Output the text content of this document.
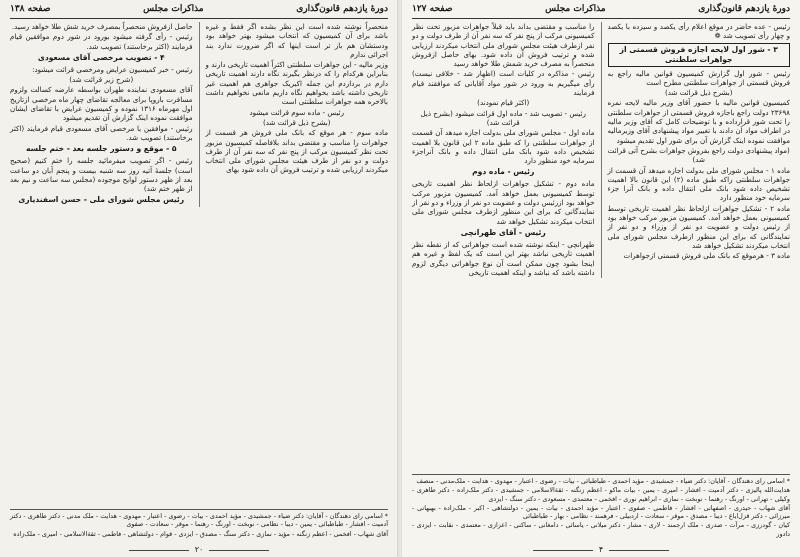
دورهٔ یازدهم قانون‌گذاری
مذاکرات مجلس
صفحه ۱۳۸

منحصراً نوشته شده است این نظر بشده اگر فقط و غیره باشد برای آن کمیسیون که انتخاب میشود بهتر خواهد بود ودستشان هم باز تر است اینها که اگر ضرورت ندارد بند اجرائی ندارم

وزیر مالیه - این جواهرات سلطنتی اکثراً اهمیت تاریخی دارند و بنابراین هرکدام را که درنظر بگیرند نگاه دارند اهمیت تاریخی دارم در برداردم این جمله اکبریک جواهری هم اهمیت غیر تاریخی داشته باشد بخواهیم نگاه داریم مانعی نخواهیم داشت بالاخره همه جواهرات سلطنتی است

رئیس - ماده سوم قرائت میشود

(بشرح ذیل قرائت شد)

ماده سوم - هر موقع که بانک ملی فروش هر قسمت از جواهرات را مناسب و مقتضی بداند بلافاصله کمیسیون مزبور تحت نظر کمیسیون مرکب از پنج نفر که سه نفر آن از طرف دولت و دو نفر از طرف هیئت مجلس شورای ملی انتخاب میکردند ارزیابی شده و ترتیب فروش آن داده شود بهای

حاصل ازفروش منحصراً بمصرف خرید شش طلا خواهد رسید.

رئیس - رأی گرفته میشود بورود در شور دوم موافقین قیام فرمایند (اکثر برخاستند) تصویب شد.

۴ - تصویب مرخصی آقای مسعودی

رئیس - خبر کمیسیون عرایض ومرخصی قرائت میشود:

(شرح زیر قرائت شد)

آقای مسعودی نماینده طهران بواسطه عارضه کسالت ولزوم مسافرت باروپا برای معالجه تقاضای چهار ماه مرخصی ازتاریخ اول مهرماه ۱۳۱۶ نموده و کمیسیون عرایض با تقاضای ایشان موافقت نموده اینک گزارش آن تقدیم میشود

رئیس - موافقین با مرخصی آقای مسعودی قیام فرمایند (اکثر برخاستند) تصویب شد.

۵ - موقع و دستور جلسه بعد - ختم جلسه

رئیس - اگر تصویب میفرمائید جلسه را ختم کنیم (صحیح است) جلسهٔ آتیه روز سه شنبه بیست و پنجم آبان دو ساعت بعد از ظهر دستور لوایح موجوده (مجلس سه ساعت و نیم بعد از ظهر ختم شد)

رئیس مجلس شورای ملی - حسن اسفندیاری

* اسامی رای دهندگان - آقایان: دکتر ضیاء - جمشیدی - مؤید احمدی - بیات - رضوی - اعتبار - مهدوی - هدایت - ملک مدنی - دکتر طاهری - دکتر آدمیت - افشار - طباطبائی - یمین - دیبا - نظامی - نوبخت - اورنگ - رهنما - موقر - سعادت - صفوی

آقای شهاب - افخمی - اعظم زنگنه - مؤید - نمازی - دکتر سنگ - مصدق - ایزدی - قوام - دولتشاهی - فاطمی - ثقة‌الاسلامی - امیری - ملک‌زاده

۲۰
دورهٔ یازدهم قانون‌گذاری
مذاکرات مجلس
صفحه ۱۲۷

رئیس - عده حاضر در موقع اعلام رأی یکصد و سیزده با یکصد و چهار رأی تصویب شد ❁

۳ - شور اول لایحه اجازه فروش قسمتی از جواهرات سلطنتی

رئیس - شور اول گزارش کمیسیون قوانین مالیه راجع به فروش قسمتی از جواهرات سلطنتی مطرح است

(بشرح ذیل قرائت شد)

کمیسیون قوانین مالیه با حضور آقای وزیر مالیه لایحه نمره ۲۳۶۹۸ دولت راجع باجازه فروش قسمتی از جواهرات سلطنتی را تحت شور قرارداده و با توضیحات کامل که آقای وزیر مالیه در اطراف مواد آن دادند با تغییر مواد پیشنهادی آقای وزیرمالیه موافقت نموده اینک گزارش آن برای شور اول تقدیم میشود

(مواد پیشنهادی دولت راجع بفروش جواهرات بشرح آتی قرائت شد)

ماده ۱ - مجلس شورای ملی بدولت اجازه میدهد آن قسمت از جواهرات سلطنتی راکه طبق ماده (۲) این قانون بالا اهمیت تشخیص داده شود بانک ملی انتقال داده و بانک آنرا جزء سرمایه خود منظور دارد

ماده ۲ - تشکیل جواهرات ازلحاظ نظر اهمیت تاریخی توسط کمیسیونی بعمل خواهد آمد. کمیسیون مزبور مرکب خواهد بود از رئیس دولت و عضویت دو نفر از وزراء و دو نفر از نمایندگانی که برای این منظور ازطرف مجلس شورای ملی انتخاب میکردند تشکیل خواهد شد

ماده ۳ - هرموقع که بانک ملی فروش قسمتی ازجواهرات

را مناسب و مقتضی بداند باید قبلاً جواهرات مزبور تحت نظر کمیسیونی مرکب از پنج نفر که سه نفر آن از طرف دولت و دو نفر ازطرف هیئت مجلس شورای ملی انتخاب میکردند ارزیابی شده و ترتیب فروش آن داده شود. بهای حاصل ازفروش منحصراً به مصرف خرید شمش طلا خواهد رسید

رئیس - مذاکره در کلیات است (اظهار شد - خلافی نیست) رأی میگیریم به ورود در شور مواد آقایانی که موافقند قیام فرمایند

(اکثر قیام نمودند)

رئیس - تصویب شد - ماده اول قرائت میشود (بشرح ذیل قرائت شد)

ماده اول - مجلس شورای ملی بدولت اجازه میدهد آن قسمت از جواهرات سلطنتی را که طبق ماده ۲ این قانون بلا اهمیت تشخیص داده شود بانک ملی انتقال داده و بانک آنراجزء سرمایه خود منظور دارد

رئیس - ماده دوم

ماده دوم - تشکیل جواهرات ازلحاظ نظر اهمیت تاریخی توسط کمیسیونی بعمل خواهد آمد. کمیسیون مزبور مرکب خواهد بود ازرئیس دولت و عضویت دو نفر از وزراء و دو نفر از نمایندگانی که برای این منظور ازطرف مجلس شورای ملی انتخاب میکردند تشکیل خواهد شد

رئیس - آقای طهرانچی

طهرانچی - اینکه نوشته شده است جواهراتی که از نقطه نظر اهمیت تاریخی نباشد بهتر این است که یک لفظ و غیره هم اینجا بشود چون ممکن است آن نوع جواهراتی دیگری لزوم داشته باشد که نباشد و اینکه اهمیت تاریخی

* اسامی رای دهندگان - آقایان: دکتر ضیاء - جمشیدی - مؤید احمدی - طباطبائی - بیات - رضوی - اعتبار - مهدوی - هدایت - ملک‌مدنی - منصف

هدایت‌الله پالیزی - دکتر آدمیت - افشار - امیری - یمین - بیات ماکو - اعظم زنگنه - ثقة‌الاسلامی - جمشیدی - دکتر ملک‌زاده - دکتر طاهری - وکیلی - تهرانی - اورنگ - رهنما - نوبخت - نمازی - ابراهیم نوری - افخمی - معتمدی - مسعودی - دکتر سنگ - ایزدی

آقای شهاب - حیدری - اصفهانی - افشار - فاطمی - صفوی - اعتبار - مؤید احمدی - بیات - یمین - دولتشاهی - اکبر - ملک‌زاده - بهبهانی - میرزائی - دکتر قزل‌ایاغ - دیبا - مصدق - موقر - سعادت - اردبیلی - فرهمند - نظامی - بهار - طباطبائی

کیان - گودرزی - مرآت - صدری - ملک ارجمند - لاری - مشار - دکتر میلانی - یاسائی - دامغانی - ساکنی - اعزازی - معتمدی - نقابت - ایزدی - دادور

۴
